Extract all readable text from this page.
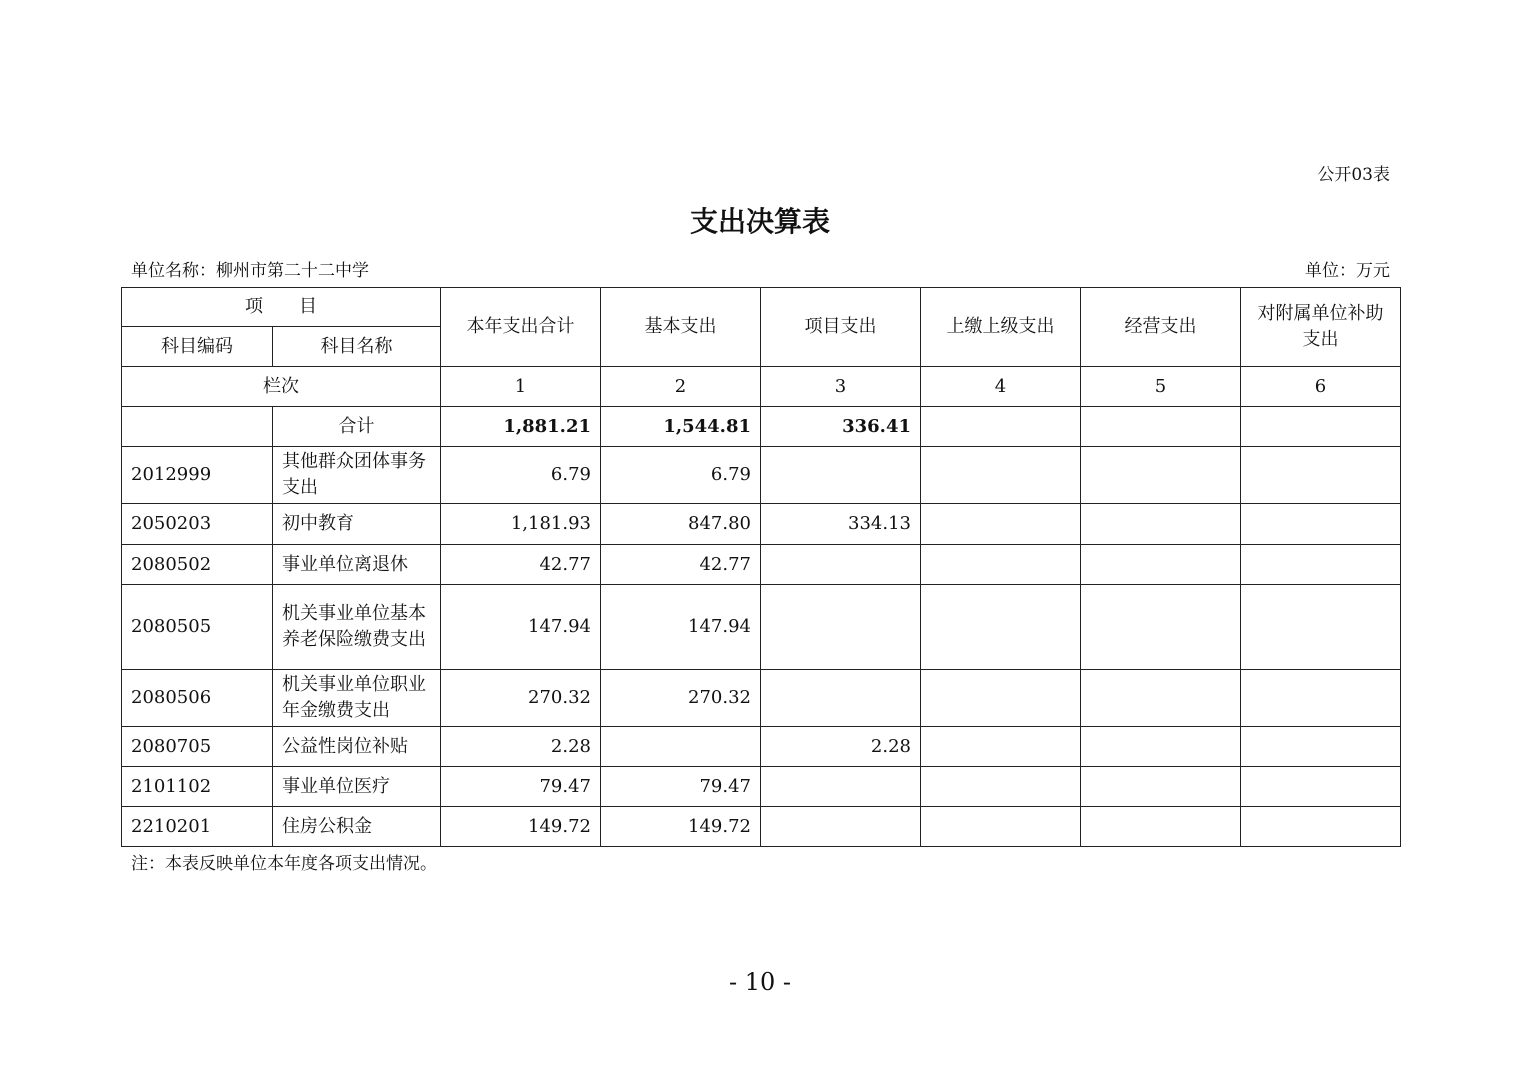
公开03表
支出决算表
单位名称：柳州市第二十二中学	单位：万元
项　　目		本年支出合计	基本支出	项目支出	上缴上级支出	经营支出	对附属单位补助支出
科目编码	科目名称						
栏次		1	2	3	4	5	6
	合计	1,881.21	1,544.81	336.41			
2012999	其他群众团体事务支出	6.79	6.79				
2050203	初中教育	1,181.93	847.80	334.13			
2080502	事业单位离退休	42.77	42.77				
2080505	机关事业单位基本养老保险缴费支出	147.94	147.94				
2080506	机关事业单位职业年金缴费支出	270.32	270.32				
2080705	公益性岗位补贴	2.28		2.28			
2101102	事业单位医疗	79.47	79.47				
2210201	住房公积金	149.72	149.72				
注：本表反映单位本年度各项支出情况。
- 10 -
